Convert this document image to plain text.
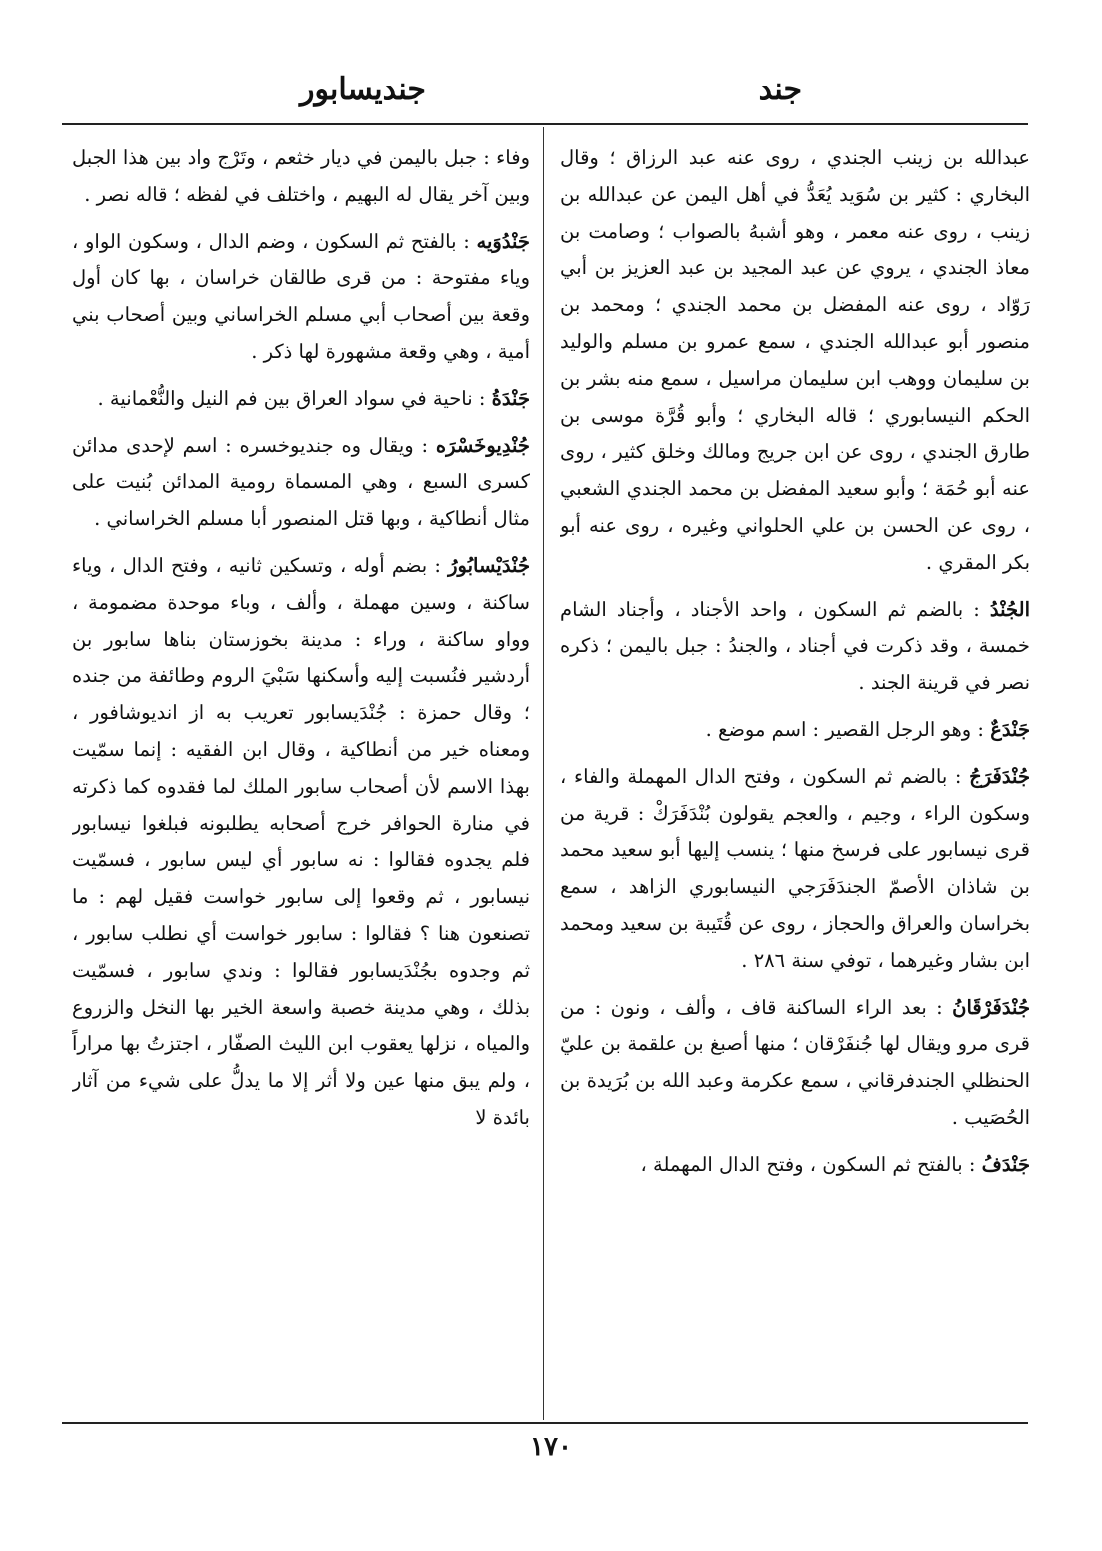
جند
جنديسابور

عبدالله بن زينب الجندي ، روى عنه عبد الرزاق ؛ وقال البخاري : كثير بن سُوَيد يُعَدُّ في أهل اليمن عن عبدالله بن زينب ، روى عنه معمر ، وهو أشبهُ بالصواب ؛ وصامت بن معاذ الجندي ، يروي عن عبد المجيد بن عبد العزيز بن أبي رَوّاد ، روى عنه المفضل بن محمد الجندي ؛ ومحمد بن منصور أبو عبدالله الجندي ، سمع عمرو بن مسلم والوليد بن سليمان ووهب ابن سليمان مراسيل ، سمع منه بشر بن الحكم النيسابوري ؛ قاله البخاري ؛ وأبو قُرَّة موسى بن طارق الجندي ، روى عن ابن جريج ومالك وخلق كثير ، روى عنه أبو حُمَة ؛ وأبو سعيد المفضل بن محمد الجندي الشعبي ، روى عن الحسن بن علي الحلواني وغيره ، روى عنه أبو بكر المقري .

الجُنْدُ : بالضم ثم السكون ، واحد الأجناد ، وأجناد الشام خمسة ، وقد ذكرت في أجناد ، والجندُ : جبل باليمن ؛ ذكره نصر في قرينة الجند .

جَنْدَعٌ : وهو الرجل القصير : اسم موضع .

جُنْدَفَرَجُ : بالضم ثم السكون ، وفتح الدال المهملة والفاء ، وسكون الراء ، وجيم ، والعجم يقولون بُنْدَفَرَكْ : قرية من قرى نيسابور على فرسخ منها ؛ ينسب إليها أبو سعيد محمد بن شاذان الأصمّ الجندَفَرَجي النيسابوري الزاهد ، سمع بخراسان والعراق والحجاز ، روى عن قُتَيبة بن سعيد ومحمد ابن بشار وغيرهما ، توفي سنة ٢٨٦ .

جُنْدَفَرْقَانُ : بعد الراء الساكنة قاف ، وألف ، ونون : من قرى مرو ويقال لها جُنفَرْقان ؛ منها أصبغ بن علقمة بن عليّ الحنظلي الجندفرقاني ، سمع عكرمة وعبد الله بن بُرَيدة بن الحُصَيب .

جَنْدَفُ : بالفتح ثم السكون ، وفتح الدال المهملة ،

وفاء : جبل باليمن في ديار خثعم ، وتَرْج واد بين هذا الجبل وبين آخر يقال له البهيم ، واختلف في لفظه ؛ قاله نصر .

جَنْدُوَيه : بالفتح ثم السكون ، وضم الدال ، وسكون الواو ، وياء مفتوحة : من قرى طالقان خراسان ، بها كان أول وقعة بين أصحاب أبي مسلم الخراساني وبين أصحاب بني أمية ، وهي وقعة مشهورة لها ذكر .

جَنْدَةُ : ناحية في سواد العراق بين فم النيل والنُّعْمانية .

جُنْدِيوخَسْرَه : ويقال وه جنديوخسره : اسم لإحدى مدائن كسرى السبع ، وهي المسماة رومية المدائن بُنيت على مثال أنطاكية ، وبها قتل المنصور أبا مسلم الخراساني .

جُنْدَيْسابُورُ : بضم أوله ، وتسكين ثانيه ، وفتح الدال ، وياء ساكنة ، وسين مهملة ، وألف ، وباء موحدة مضمومة ، وواو ساكنة ، وراء : مدينة بخوزستان بناها سابور بن أردشير فنُسبت إليه وأسكنها سَبْيَ الروم وطائفة من جنده ؛ وقال حمزة : جُنْدَيسابور تعريب به از انديوشافور ، ومعناه خير من أنطاكية ، وقال ابن الفقيه : إنما سمّيت بهذا الاسم لأن أصحاب سابور الملك لما فقدوه كما ذكرته في منارة الحوافر خرج أصحابه يطلبونه فبلغوا نيسابور فلم يجدوه فقالوا : نه سابور أي ليس سابور ، فسمّيت نيسابور ، ثم وقعوا إلى سابور خواست فقيل لهم : ما تصنعون هنا ؟ فقالوا : سابور خواست أي نطلب سابور ، ثم وجدوه بجُنْدَيسابور فقالوا : وندي سابور ، فسمّيت بذلك ، وهي مدينة خصبة واسعة الخير بها النخل والزروع والمياه ، نزلها يعقوب ابن الليث الصفّار ، اجتزتُ بها مراراً ، ولم يبق منها عين ولا أثر إلا ما يدلُّ على شيء من آثار بائدة لا

١٧٠
